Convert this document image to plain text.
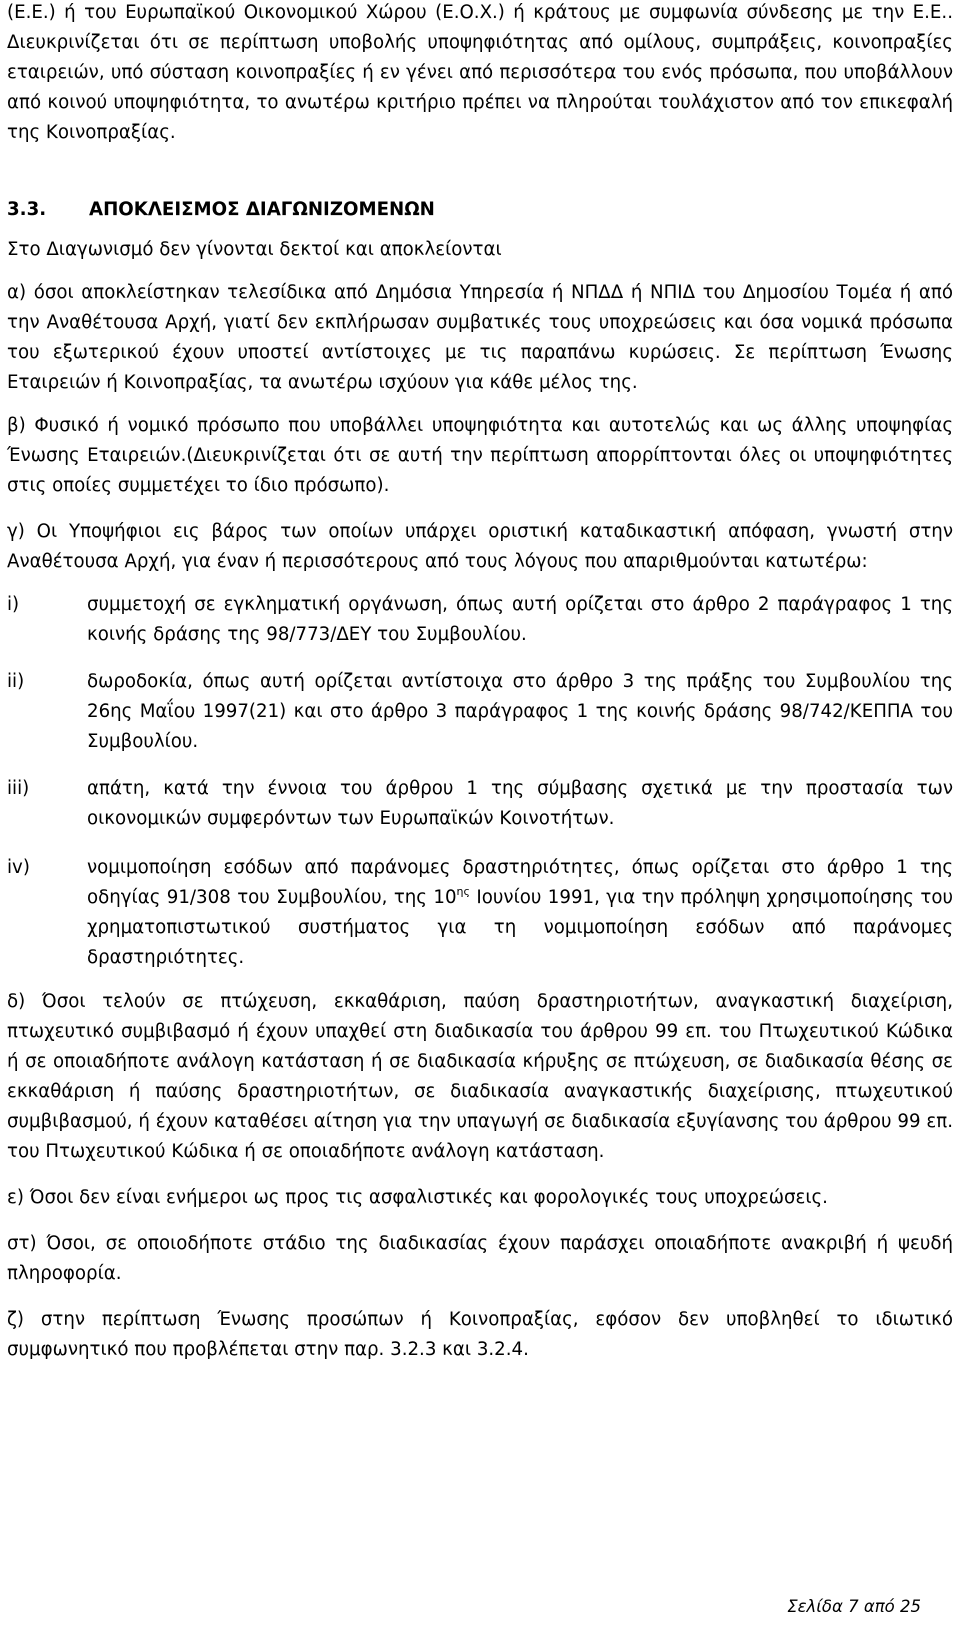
(Ε.Ε.) ή του Ευρωπαϊκού Οικονομικού Χώρου (Ε.Ο.Χ.) ή κράτους με συμφωνία σύνδεσης με την Ε.Ε.. Διευκρινίζεται ότι σε περίπτωση υποβολής υποψηφιότητας από ομίλους, συμπράξεις, κοινοπραξίες εταιρειών, υπό σύσταση κοινοπραξίες ή εν γένει από περισσότερα του ενός πρόσωπα, που υποβάλλουν από κοινού υποψηφιότητα, το ανωτέρω κριτήριο πρέπει να πληρούται τουλάχιστον από τον επικεφαλή της Κοινοπραξίας.

3.3. ΑΠΟΚΛΕΙΣΜΟΣ ΔΙΑΓΩΝΙΖΟΜΕΝΩΝ

Στο Διαγωνισμό δεν γίνονται δεκτοί και αποκλείονται

α) όσοι αποκλείστηκαν τελεσίδικα από Δημόσια Υπηρεσία ή ΝΠΔΔ ή ΝΠΙΔ του Δημοσίου Τομέα ή από την Αναθέτουσα Αρχή, γιατί δεν εκπλήρωσαν συμβατικές τους υποχρεώσεις και όσα νομικά πρόσωπα του εξωτερικού έχουν υποστεί αντίστοιχες με τις παραπάνω κυρώσεις. Σε περίπτωση Ένωσης Εταιρειών ή Κοινοπραξίας, τα ανωτέρω ισχύουν για κάθε μέλος της.

β) Φυσικό ή νομικό πρόσωπο που υποβάλλει υποψηφιότητα και αυτοτελώς και ως άλλης υποψηφίας Ένωσης Εταιρειών.(Διευκρινίζεται ότι σε αυτή την περίπτωση απορρίπτονται όλες οι υποψηφιότητες στις οποίες συμμετέχει το ίδιο πρόσωπο).

γ) Οι Υποψήφιοι εις βάρος των οποίων υπάρχει οριστική καταδικαστική απόφαση, γνωστή στην Αναθέτουσα Αρχή, για έναν ή περισσότερους από τους λόγους που απαριθμούνται κατωτέρω:

i)	συμμετοχή σε εγκληματική οργάνωση, όπως αυτή ορίζεται στο άρθρο 2 παράγραφος 1 της κοινής δράσης της 98/773/ΔΕΥ του Συμβουλίου.
ii)	δωροδοκία, όπως αυτή ορίζεται αντίστοιχα στο άρθρο 3 της πράξης του Συμβουλίου της 26ης Μαΐου 1997(21) και στο άρθρο 3 παράγραφος 1 της κοινής δράσης 98/742/ΚΕΠΠΑ του Συμβουλίου.
iii)	απάτη, κατά την έννοια του άρθρου 1 της σύμβασης σχετικά με την προστασία των οικονομικών συμφερόντων των Ευρωπαϊκών Κοινοτήτων.
iv)	νομιμοποίηση εσόδων από παράνομες δραστηριότητες, όπως ορίζεται στο άρθρο 1 της οδηγίας 91/308 του Συμβουλίου, της $10^{\eta\varsigma}$ Ιουνίου 1991, για την πρόληψη χρησιμοποίησης του χρηματοπιστωτικού συστήματος για τη νομιμοποίηση εσόδων από παράνομες δραστηριότητες.

δ) Όσοι τελούν σε πτώχευση, εκκαθάριση, παύση δραστηριοτήτων, αναγκαστική διαχείριση, πτωχευτικό συμβιβασμό ή έχουν υπαχθεί στη διαδικασία του άρθρου 99 επ. του Πτωχευτικού Κώδικα ή σε οποιαδήποτε ανάλογη κατάσταση ή σε διαδικασία κήρυξης σε πτώχευση, σε διαδικασία θέσης σε εκκαθάριση ή παύσης δραστηριοτήτων, σε διαδικασία αναγκαστικής διαχείρισης, πτωχευτικού συμβιβασμού, ή έχουν καταθέσει αίτηση για την υπαγωγή σε διαδικασία εξυγίανσης του άρθρου 99 επ. του Πτωχευτικού Κώδικα ή σε οποιαδήποτε ανάλογη κατάσταση.

ε) Όσοι δεν είναι ενήμεροι ως προς τις ασφαλιστικές και φορολογικές τους υποχρεώσεις.

στ) Όσοι, σε οποιοδήποτε στάδιο της διαδικασίας έχουν παράσχει οποιαδήποτε ανακριβή ή ψευδή πληροφορία.

ζ) στην περίπτωση Ένωσης προσώπων ή Κοινοπραξίας, εφόσον δεν υποβληθεί το ιδιωτικό συμφωνητικό που προβλέπεται στην παρ. 3.2.3 και 3.2.4.

Σελίδα 7 από 25
